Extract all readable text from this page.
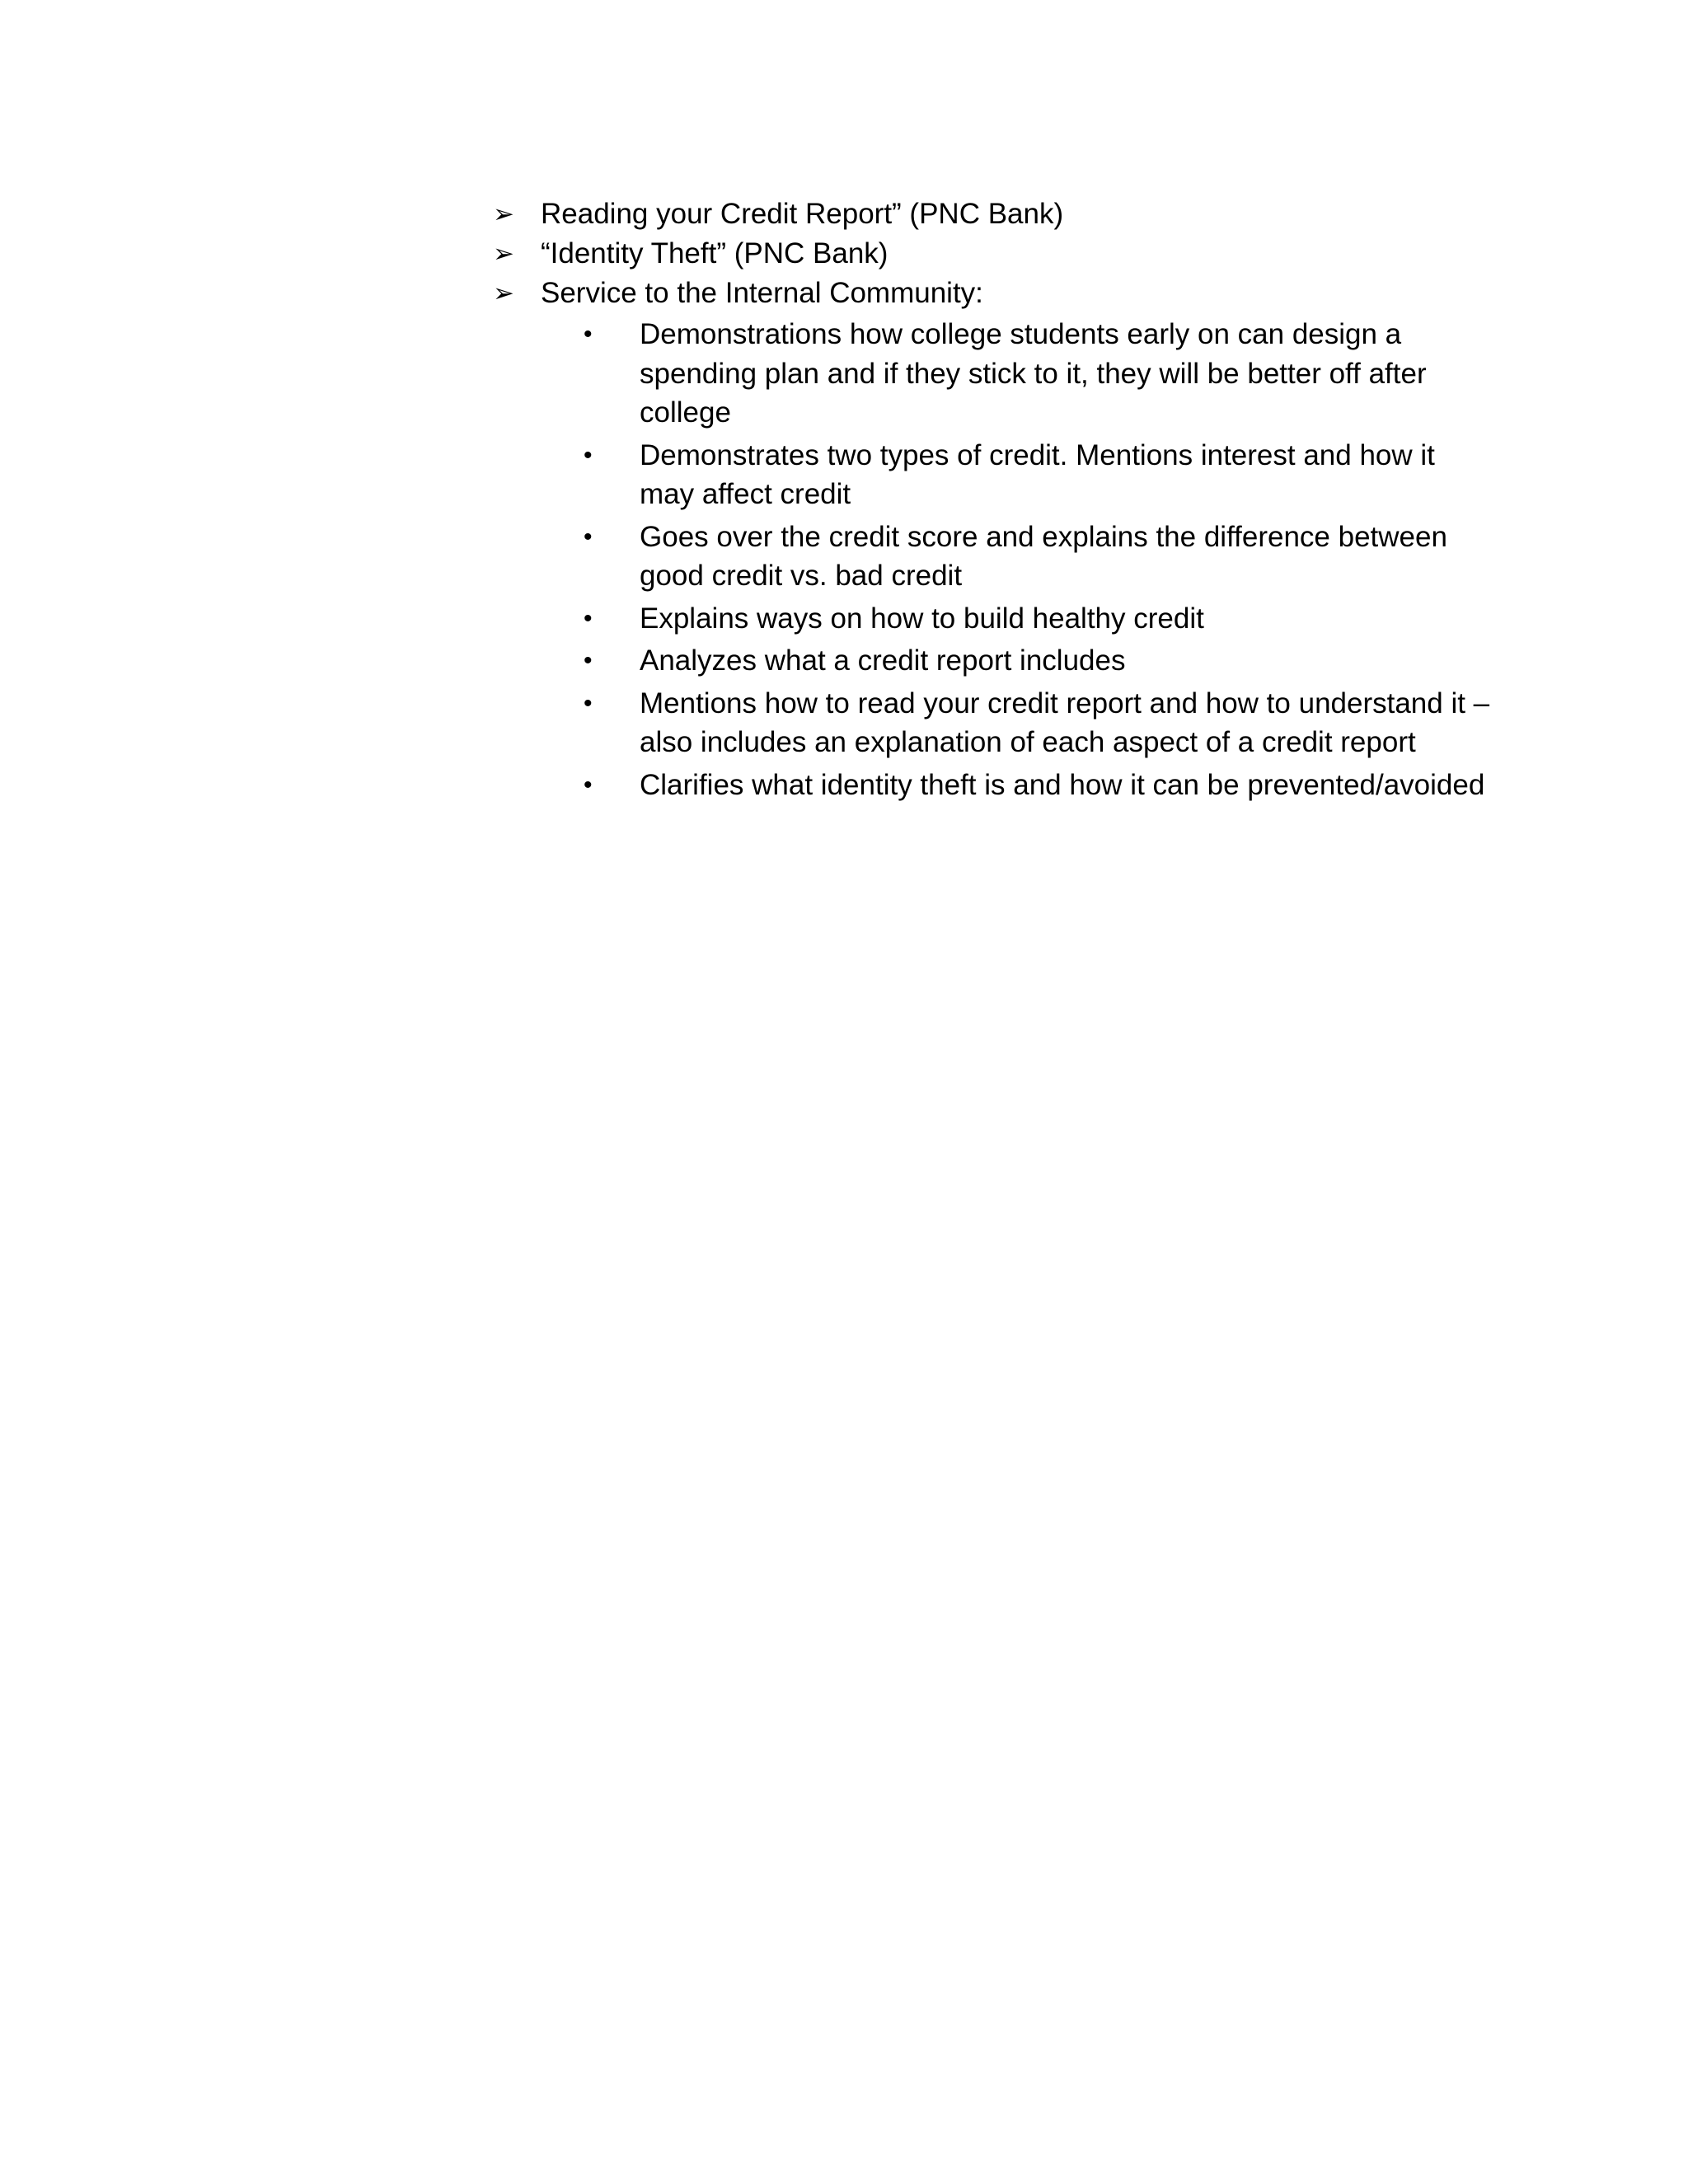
➢ Reading your Credit Report” (PNC Bank)
➢ “Identity Theft” (PNC Bank)
➢ Service to the Internal Community:
• Demonstrations how college students early on can design a spending plan and if they stick to it, they will be better off after college
• Demonstrates two types of credit. Mentions interest and how it may affect credit
• Goes over the credit score and explains the difference between good credit vs. bad credit
• Explains ways on how to build healthy credit
• Analyzes what a credit report includes
• Mentions how to read your credit report and how to understand it – also includes an explanation of each aspect of a credit report
• Clarifies what identity theft is and how it can be prevented/avoided
